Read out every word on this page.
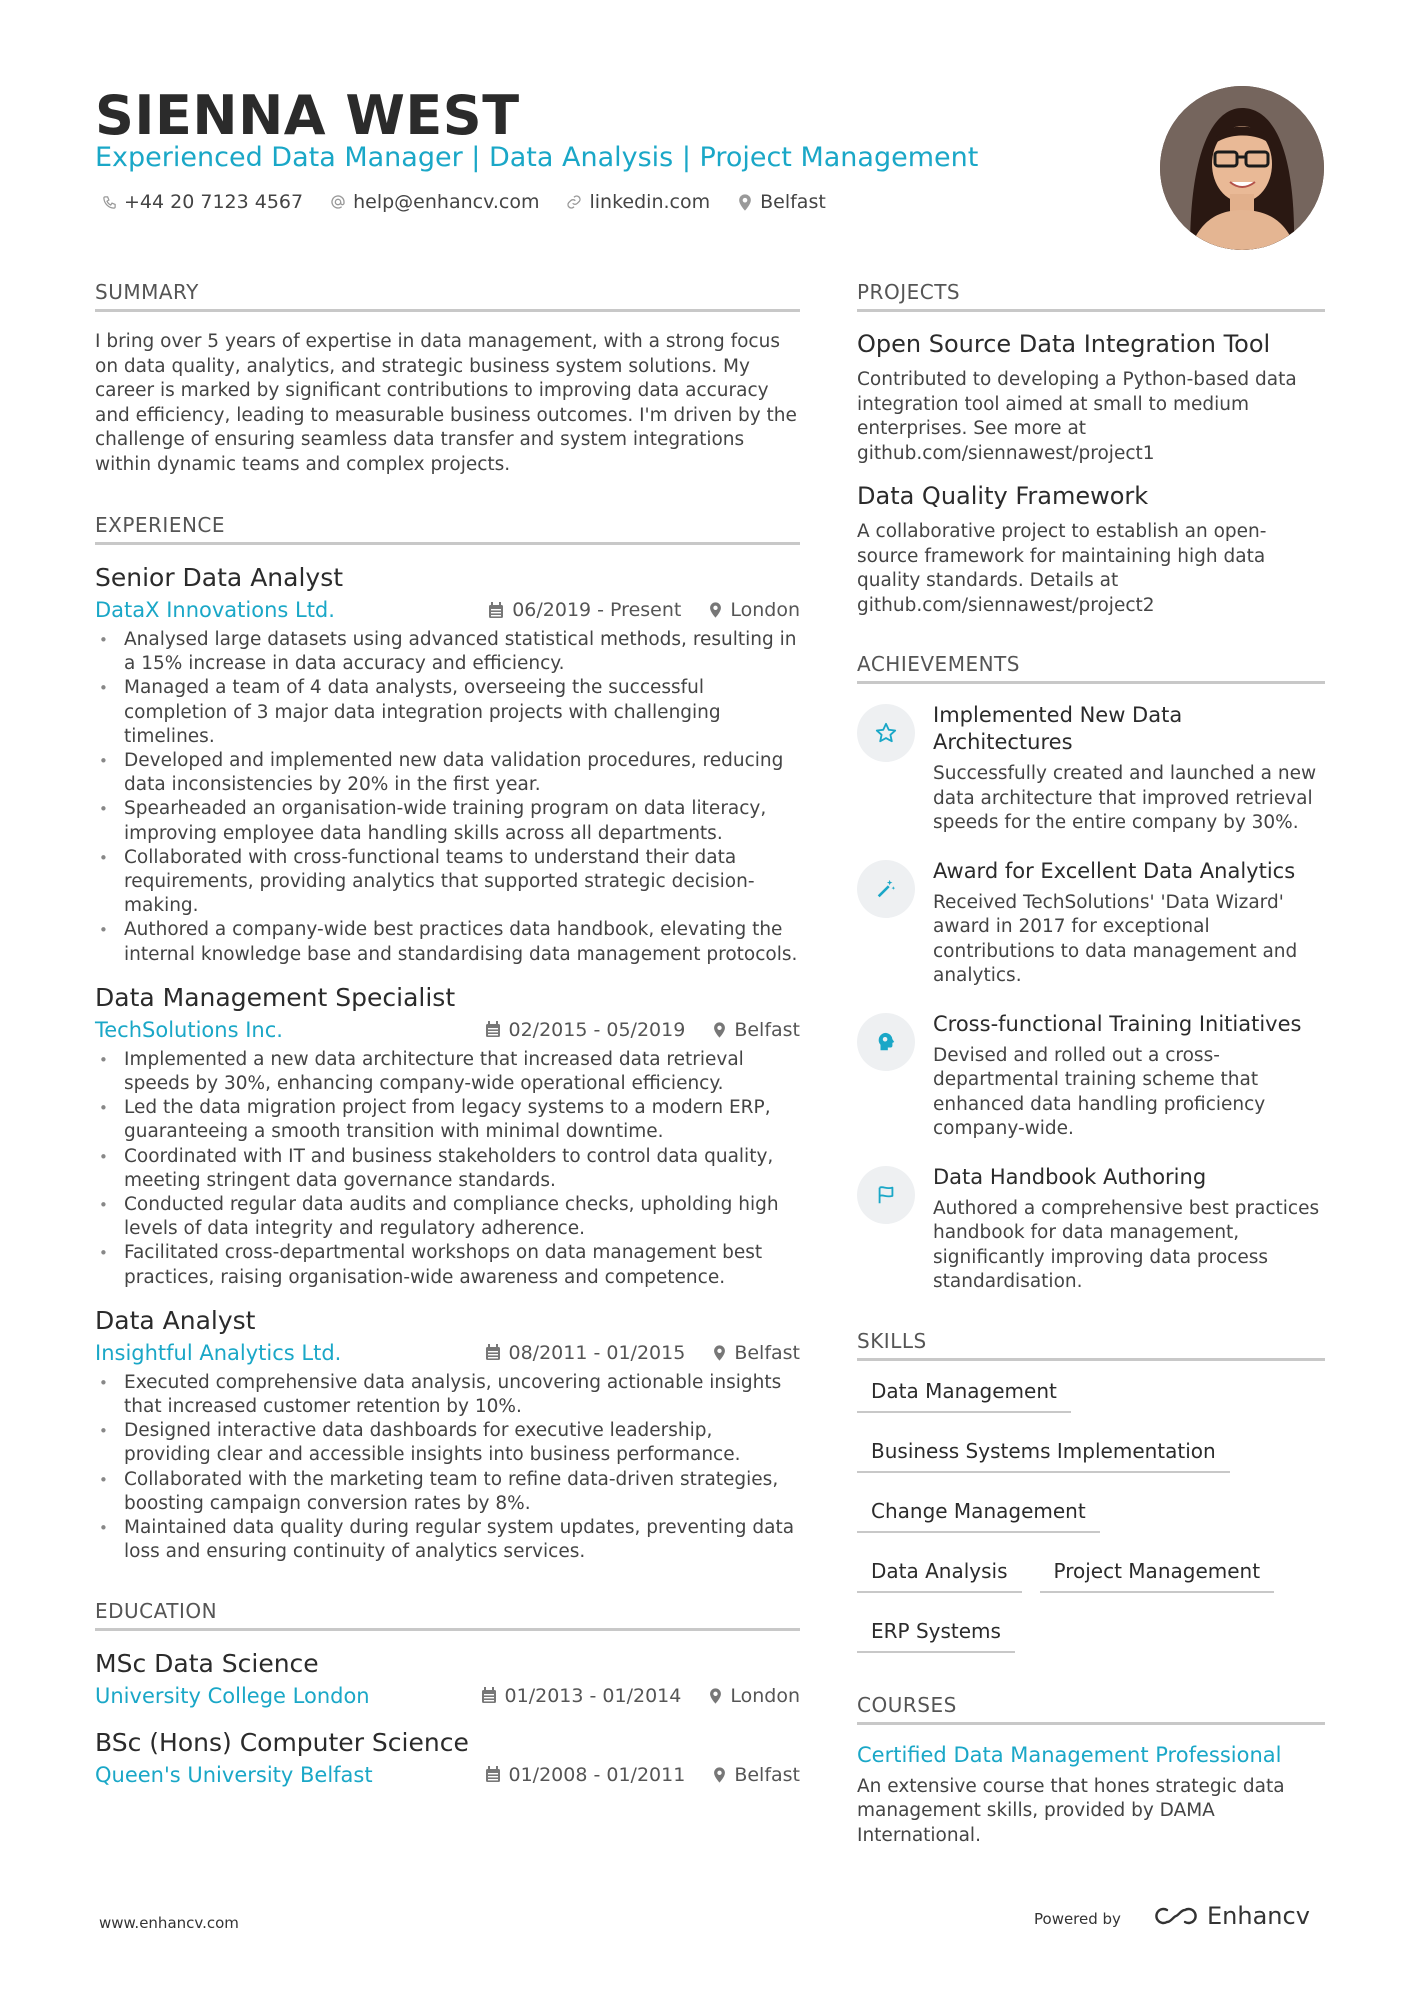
SIENNA WEST
Experienced Data Manager | Data Analysis | Project Management
+44 20 7123 4567	help@enhancv.com	linkedin.com	Belfast
SUMMARY
I bring over 5 years of expertise in data management, with a strong focus on data quality, analytics, and strategic business system solutions. My career is marked by significant contributions to improving data accuracy and efficiency, leading to measurable business outcomes. I'm driven by the challenge of ensuring seamless data transfer and system integrations within dynamic teams and complex projects.
EXPERIENCE
Senior Data Analyst
DataX Innovations Ltd.	06/2019 - Present	London
• Analysed large datasets using advanced statistical methods, resulting in a 15% increase in data accuracy and efficiency.
• Managed a team of 4 data analysts, overseeing the successful completion of 3 major data integration projects with challenging timelines.
• Developed and implemented new data validation procedures, reducing data inconsistencies by 20% in the first year.
• Spearheaded an organisation-wide training program on data literacy, improving employee data handling skills across all departments.
• Collaborated with cross-functional teams to understand their data requirements, providing analytics that supported strategic decision-making.
• Authored a company-wide best practices data handbook, elevating the internal knowledge base and standardising data management protocols.
Data Management Specialist
TechSolutions Inc.	02/2015 - 05/2019	Belfast
• Implemented a new data architecture that increased data retrieval speeds by 30%, enhancing company-wide operational efficiency.
• Led the data migration project from legacy systems to a modern ERP, guaranteeing a smooth transition with minimal downtime.
• Coordinated with IT and business stakeholders to control data quality, meeting stringent data governance standards.
• Conducted regular data audits and compliance checks, upholding high levels of data integrity and regulatory adherence.
• Facilitated cross-departmental workshops on data management best practices, raising organisation-wide awareness and competence.
Data Analyst
Insightful Analytics Ltd.	08/2011 - 01/2015	Belfast
• Executed comprehensive data analysis, uncovering actionable insights that increased customer retention by 10%.
• Designed interactive data dashboards for executive leadership, providing clear and accessible insights into business performance.
• Collaborated with the marketing team to refine data-driven strategies, boosting campaign conversion rates by 8%.
• Maintained data quality during regular system updates, preventing data loss and ensuring continuity of analytics services.
EDUCATION
MSc Data Science
University College London	01/2013 - 01/2014	London
BSc (Hons) Computer Science
Queen's University Belfast	01/2008 - 01/2011	Belfast
PROJECTS
Open Source Data Integration Tool
Contributed to developing a Python-based data integration tool aimed at small to medium enterprises. See more at github.com/siennawest/project1
Data Quality Framework
A collaborative project to establish an open-source framework for maintaining high data quality standards. Details at github.com/siennawest/project2
ACHIEVEMENTS
Implemented New Data Architectures
Successfully created and launched a new data architecture that improved retrieval speeds for the entire company by 30%.
Award for Excellent Data Analytics
Received TechSolutions' 'Data Wizard' award in 2017 for exceptional contributions to data management and analytics.
Cross-functional Training Initiatives
Devised and rolled out a cross-departmental training scheme that enhanced data handling proficiency company-wide.
Data Handbook Authoring
Authored a comprehensive best practices handbook for data management, significantly improving data process standardisation.
SKILLS
Data Management
Business Systems Implementation
Change Management
Data Analysis	Project Management
ERP Systems
COURSES
Certified Data Management Professional
An extensive course that hones strategic data management skills, provided by DAMA International.
www.enhancv.com	Powered by	Enhancv
